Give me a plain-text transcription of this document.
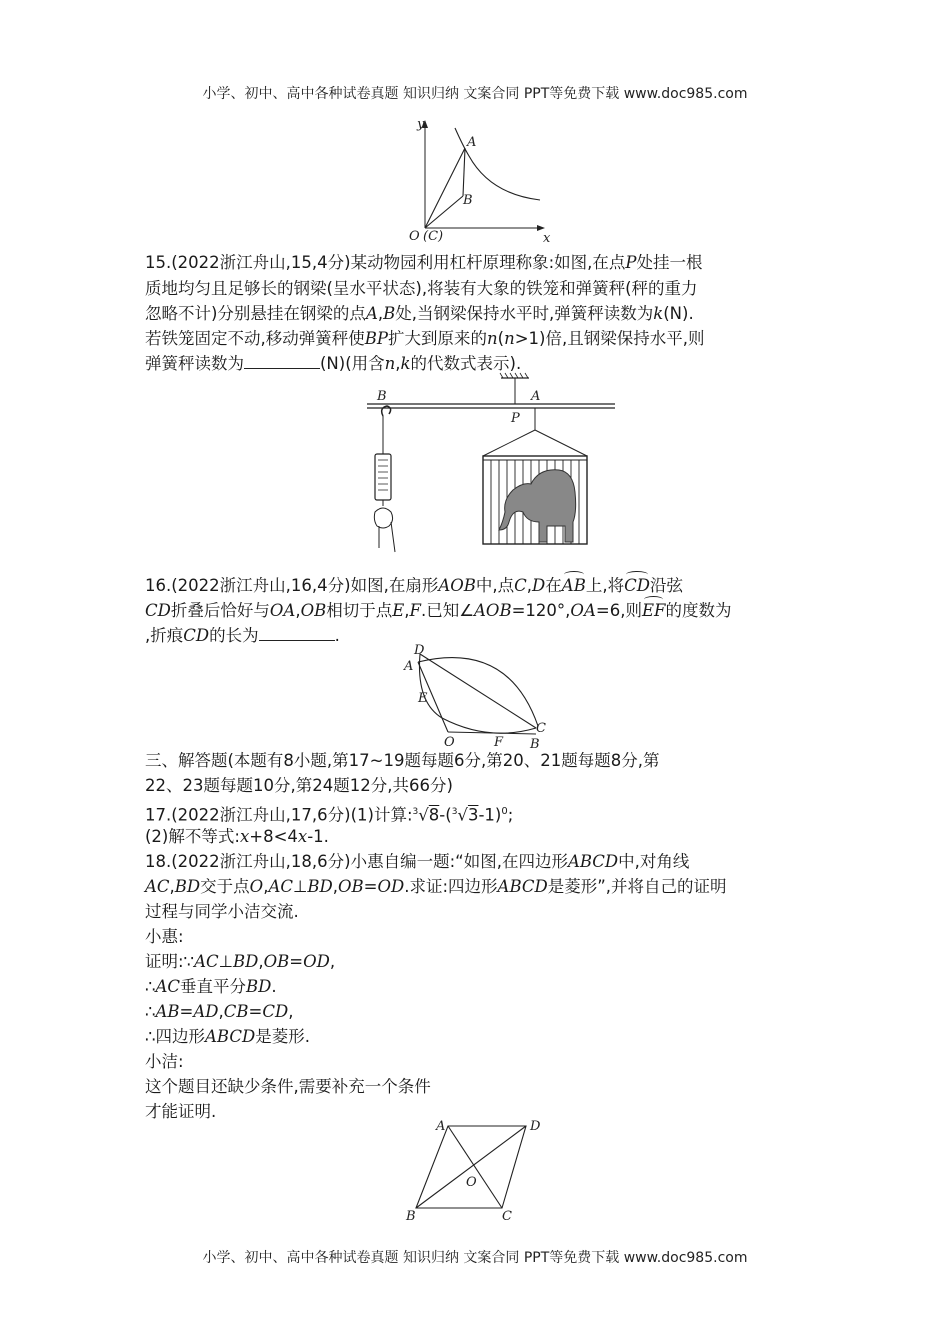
小学、初中、高中各种试卷真题 知识归纳 文案合同 PPT等免费下载 www.doc985.com
y
x
A
B
O (C)
15.(2022浙江舟山,15,4分)某动物园利用杠杆原理称象:如图,在点P处挂一根
质地均匀且足够长的钢梁(呈水平状态),将装有大象的铁笼和弹簧秤(秤的重力
忽略不计)分别悬挂在钢梁的点A,B处,当钢梁保持水平时,弹簧秤读数为k(N).
若铁笼固定不动,移动弹簧秤使BP扩大到原来的n(n>1)倍,且钢梁保持水平,则
弹簧秤读数为	(N)(用含n,k的代数式表示).
B	A
P
16.(2022浙江舟山,16,4分)如图,在扇形AOB中,点C,D在AB上,将CD沿弦
CD折叠后恰好与OA,OB相切于点E,F.已知∠AOB=120°,OA=6,则EF的度数为
,折痕CD的长为	.
D
A
E
O	F
C
B
三、解答题(本题有8小题,第17~19题每题6分,第20、21题每题8分,第
22、23题每题10分,第24题12分,共66分)
17.(2022浙江舟山,17,6分)(1)计算$:^3√8-(^3√3-1)^0$;
(2)解不等式:x+8<4x-1.
18.(2022浙江舟山,18,6分)小惠自编一题:“如图,在四边形ABCD中,对角线
AC,BD交于点O,AC⊥BD,OB=OD.求证:四边形ABCD是菱形”,并将自己的证明
过程与同学小洁交流.
小惠:
证明:∵AC⊥BD,OB=OD,
∴AC垂直平分BD.
∴AB=AD,CB=CD,
∴四边形ABCD是菱形.
小洁:
这个题目还缺少条件,需要补充一个条件
才能证明.
A	D
O
B	C
小学、初中、高中各种试卷真题 知识归纳 文案合同 PPT等免费下载 www.doc985.com
